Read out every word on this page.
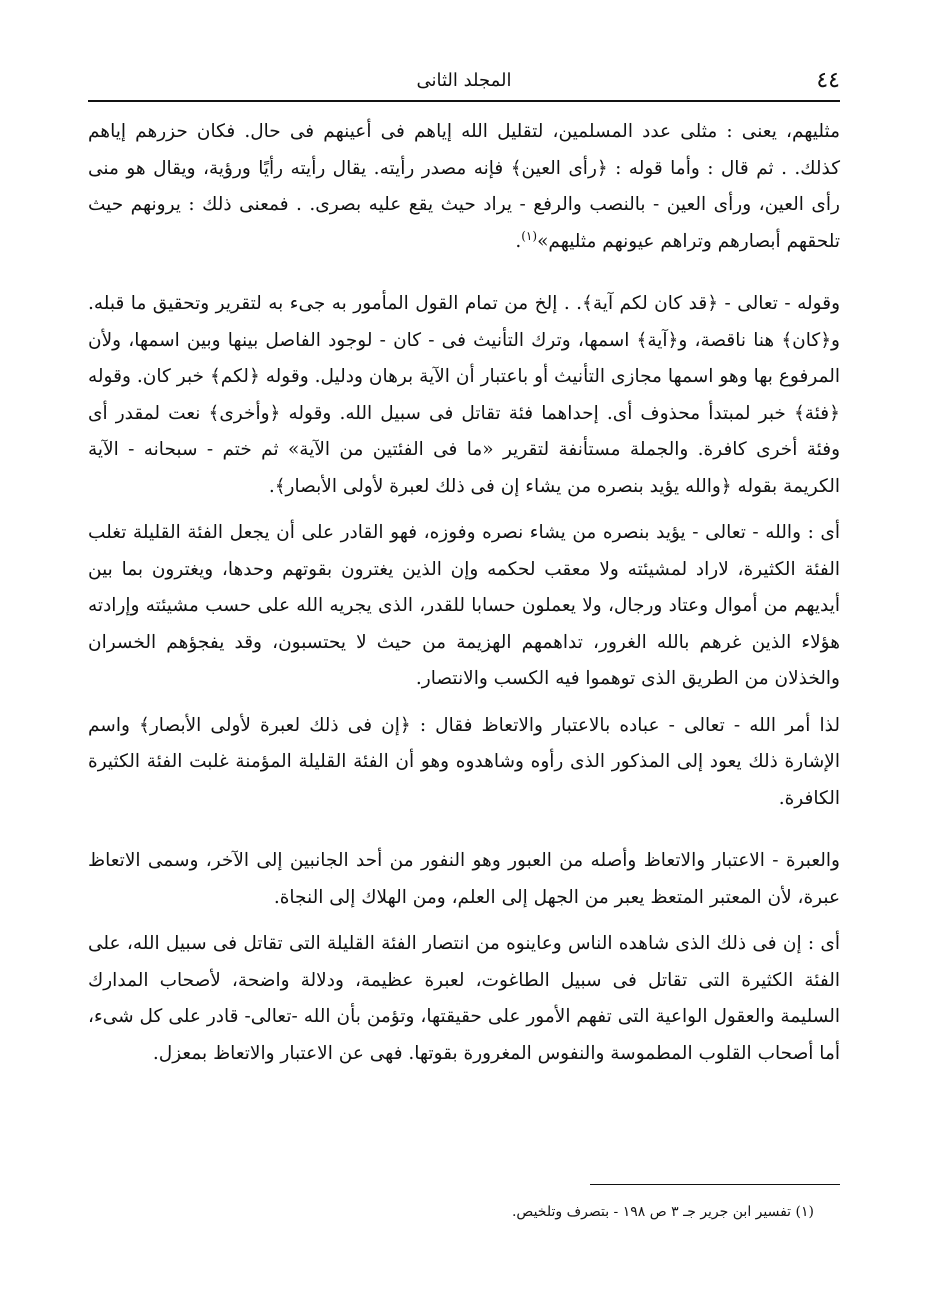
٤٤
المجلد الثانى

مثليهم، يعنى : مثلى عدد المسلمين، لتقليل الله إياهم فى أعينهم فى حال. فكان حزرهم إياهم كذلك. . ثم قال : وأما قوله : ﴿رأى العين﴾ فإنه مصدر رأيته. يقال رأيته رأيًا ورؤية، ويقال هو منى رأى العين، ورأى العين - بالنصب والرفع - يراد حيث يقع عليه بصرى. . فمعنى ذلك : يرونهم حيث تلحقهم أبصارهم وتراهم عيونهم مثليهم»$^{(١)}$.

وقوله - تعالى - ﴿قد كان لكم آية﴾. . إلخ من تمام القول المأمور به جىء به لتقرير وتحقيق ما قبله. و﴿كان﴾ هنا ناقصة، و﴿آية﴾ اسمها، وترك التأنيث فى - كان - لوجود الفاصل بينها وبين اسمها، ولأن المرفوع بها وهو اسمها مجازى التأنيث أو باعتبار أن الآية برهان ودليل. وقوله ﴿لكم﴾ خبر كان. وقوله ﴿فئة﴾ خبر لمبتدأ محذوف أى. إحداهما فئة تقاتل فى سبيل الله. وقوله ﴿وأخرى﴾ نعت لمقدر أى وفئة أخرى كافرة. والجملة مستأنفة لتقرير «ما فى الفئتين من الآية» ثم ختم - سبحانه - الآية الكريمة بقوله ﴿والله يؤيد بنصره من يشاء إن فى ذلك لعبرة لأولى الأبصار﴾.

أى : والله - تعالى - يؤيد بنصره من يشاء نصره وفوزه، فهو القادر على أن يجعل الفئة القليلة تغلب الفئة الكثيرة، لاراد لمشيئته ولا معقب لحكمه وإن الذين يغترون بقوتهم وحدها، ويغترون بما بين أيديهم من أموال وعتاد ورجال، ولا يعملون حسابا للقدر، الذى يجريه الله على حسب مشيئته وإرادته هؤلاء الذين غرهم بالله الغرور، تداهمهم الهزيمة من حيث لا يحتسبون، وقد يفجؤهم الخسران والخذلان من الطريق الذى توهموا فيه الكسب والانتصار.

لذا أمر الله - تعالى - عباده بالاعتبار والاتعاظ فقال : ﴿إن فى ذلك لعبرة لأولى الأبصار﴾ واسم الإشارة ذلك يعود إلى المذكور الذى رأوه وشاهدوه وهو أن الفئة القليلة المؤمنة غلبت الفئة الكثيرة الكافرة.

والعبرة - الاعتبار والاتعاظ وأصله من العبور وهو النفور من أحد الجانبين إلى الآخر، وسمى الاتعاظ عبرة، لأن المعتبر المتعظ يعبر من الجهل إلى العلم، ومن الهلاك إلى النجاة.

أى : إن فى ذلك الذى شاهده الناس وعاينوه من انتصار الفئة القليلة التى تقاتل فى سبيل الله، على الفئة الكثيرة التى تقاتل فى سبيل الطاغوت، لعبرة عظيمة، ودلالة واضحة، لأصحاب المدارك السليمة والعقول الواعية التى تفهم الأمور على حقيقتها، وتؤمن بأن الله -تعالى- قادر على كل شىء، أما أصحاب القلوب المطموسة والنفوس المغرورة بقوتها. فهى عن الاعتبار والاتعاظ بمعزل.

(١) تفسير ابن جرير جـ ٣ ص ١٩٨ - بتصرف وتلخيص.
